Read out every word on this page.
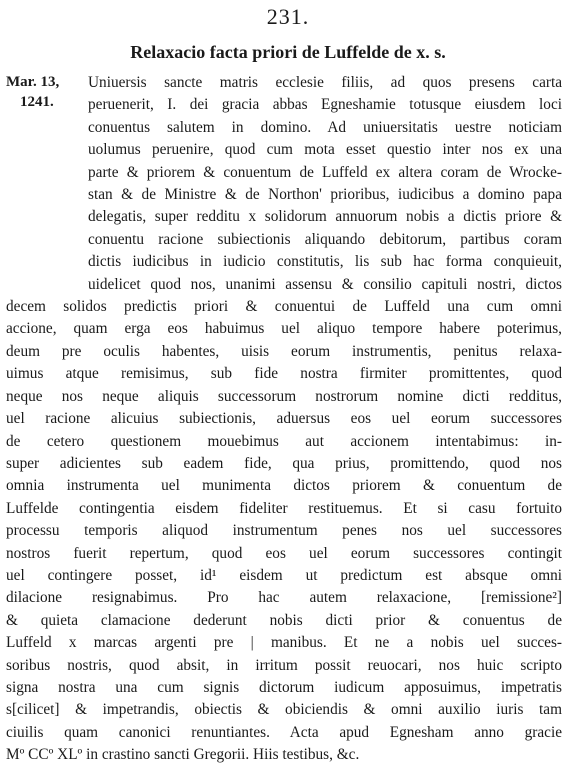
231.
Relaxacio facta priori de Luffelde de x. s.
Mar. 13,
1241.
Uniuersis sancte matris ecclesie filiis, ad quos presens carta
peruenerit, I. dei gracia abbas Egneshamie totusque eiusdem loci
conuentus salutem in domino. Ad uniuersitatis uestre noticiam
uolumus peruenire, quod cum mota esset questio inter nos ex una
parte & priorem & conuentum de Luffeld ex altera coram de Wrocke-
stan & de Ministre & de Northon' prioribus, iudicibus a domino papa
delegatis, super redditu x solidorum annuorum nobis a dictis priore &
conuentu racione subiectionis aliquando debitorum, partibus coram
dictis iudicibus in iudicio constitutis, lis sub hac forma conquieuit,
uidelicet quod nos, unanimi assensu & consilio capituli nostri, dictos
decem solidos predictis priori & conuentui de Luffeld una cum omni
accione, quam erga eos habuimus uel aliquo tempore habere poterimus,
deum pre oculis habentes, uisis eorum instrumentis, penitus relaxa-
uimus atque remisimus, sub fide nostra firmiter promittentes, quod
neque nos neque aliquis successorum nostrorum nomine dicti redditus,
uel racione alicuius subiectionis, aduersus eos uel eorum successores
de cetero questionem mouebimus aut accionem intentabimus: in-
super adicientes sub eadem fide, qua prius, promittendo, quod nos
omnia instrumenta uel munimenta dictos priorem & conuentum de
Luffelde contingentia eisdem fideliter restituemus. Et si casu fortuito
processu temporis aliquod instrumentum penes nos uel successores
nostros fuerit repertum, quod eos uel eorum successores contingit
uel contingere posset, id¹ eisdem ut predictum est absque omni
dilacione resignabimus. Pro hac autem relaxacione, [remissione²]
& quieta clamacione dederunt nobis dicti prior & conuentus de
Luffeld x marcas argenti pre | manibus. Et ne a nobis uel succes-
soribus nostris, quod absit, in irritum possit reuocari, nos huic scripto
signa nostra una cum signis dictorum iudicum apposuimus, impetratis
s[cilicet] & impetrandis, obiectis & obiciendis & omni auxilio iuris tam
ciuilis quam canonici renuntiantes. Acta apud Egnesham anno gracie
Mº CCº XLº in crastino sancti Gregorii. Hiis testibus, &c.
